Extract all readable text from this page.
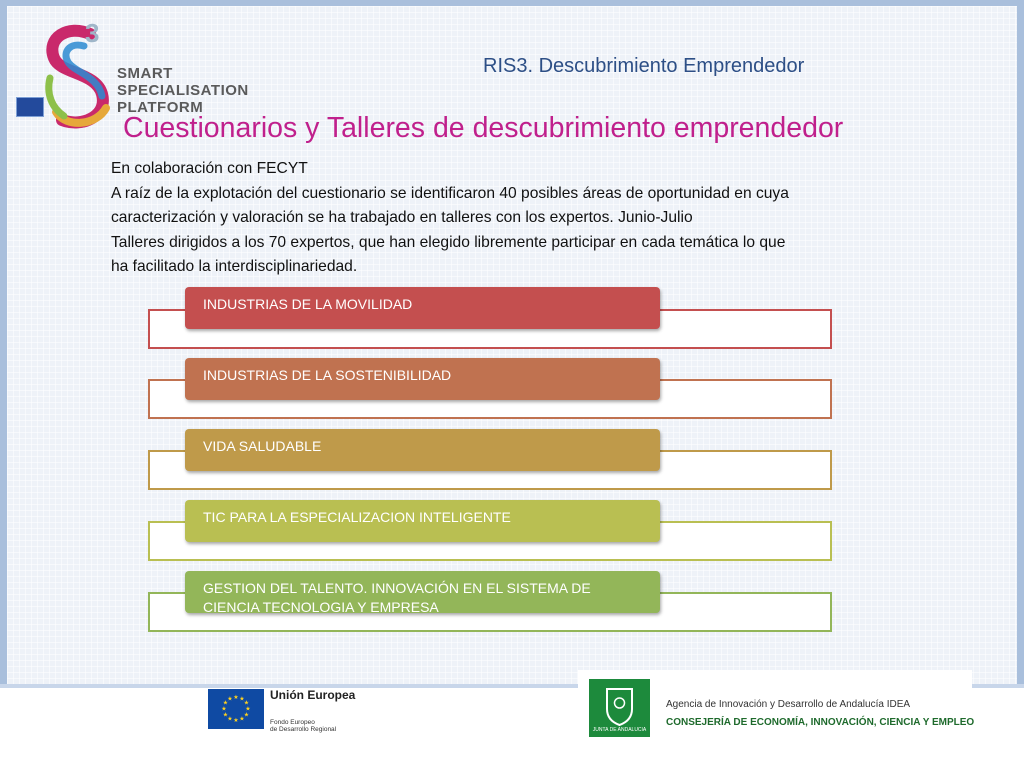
3
SMART
SPECIALISATION
PLATFORM
RIS3. Descubrimiento Emprendedor
Cuestionarios y Talleres de descubrimiento emprendedor
En colaboración con FECYT
A raíz de la explotación del cuestionario se identificaron 40 posibles áreas de oportunidad en cuya
caracterización y valoración se ha trabajado en talleres con los expertos. Junio-Julio
Talleres dirigidos a los 70 expertos, que han elegido libremente participar en cada temática lo que
ha facilitado la interdisciplinariedad.
INDUSTRIAS DE LA MOVILIDAD
INDUSTRIAS DE LA SOSTENIBILIDAD
VIDA SALUDABLE
TIC PARA LA ESPECIALIZACION INTELIGENTE
GESTION DEL TALENTO. INNOVACIÓN EN EL SISTEMA DE CIENCIA TECNOLOGIA Y EMPRESA
★ ★
★
★
★
★
★
★
★
★
★
★	Unión Europea
Fondo Europeo
de Desarrollo Regional	JUNTA DE ANDALUCIA
Agencia de Innovación y Desarrollo de Andalucía IDEA
CONSEJERÍA DE ECONOMÍA, INNOVACIÓN, CIENCIA Y EMPLEO
